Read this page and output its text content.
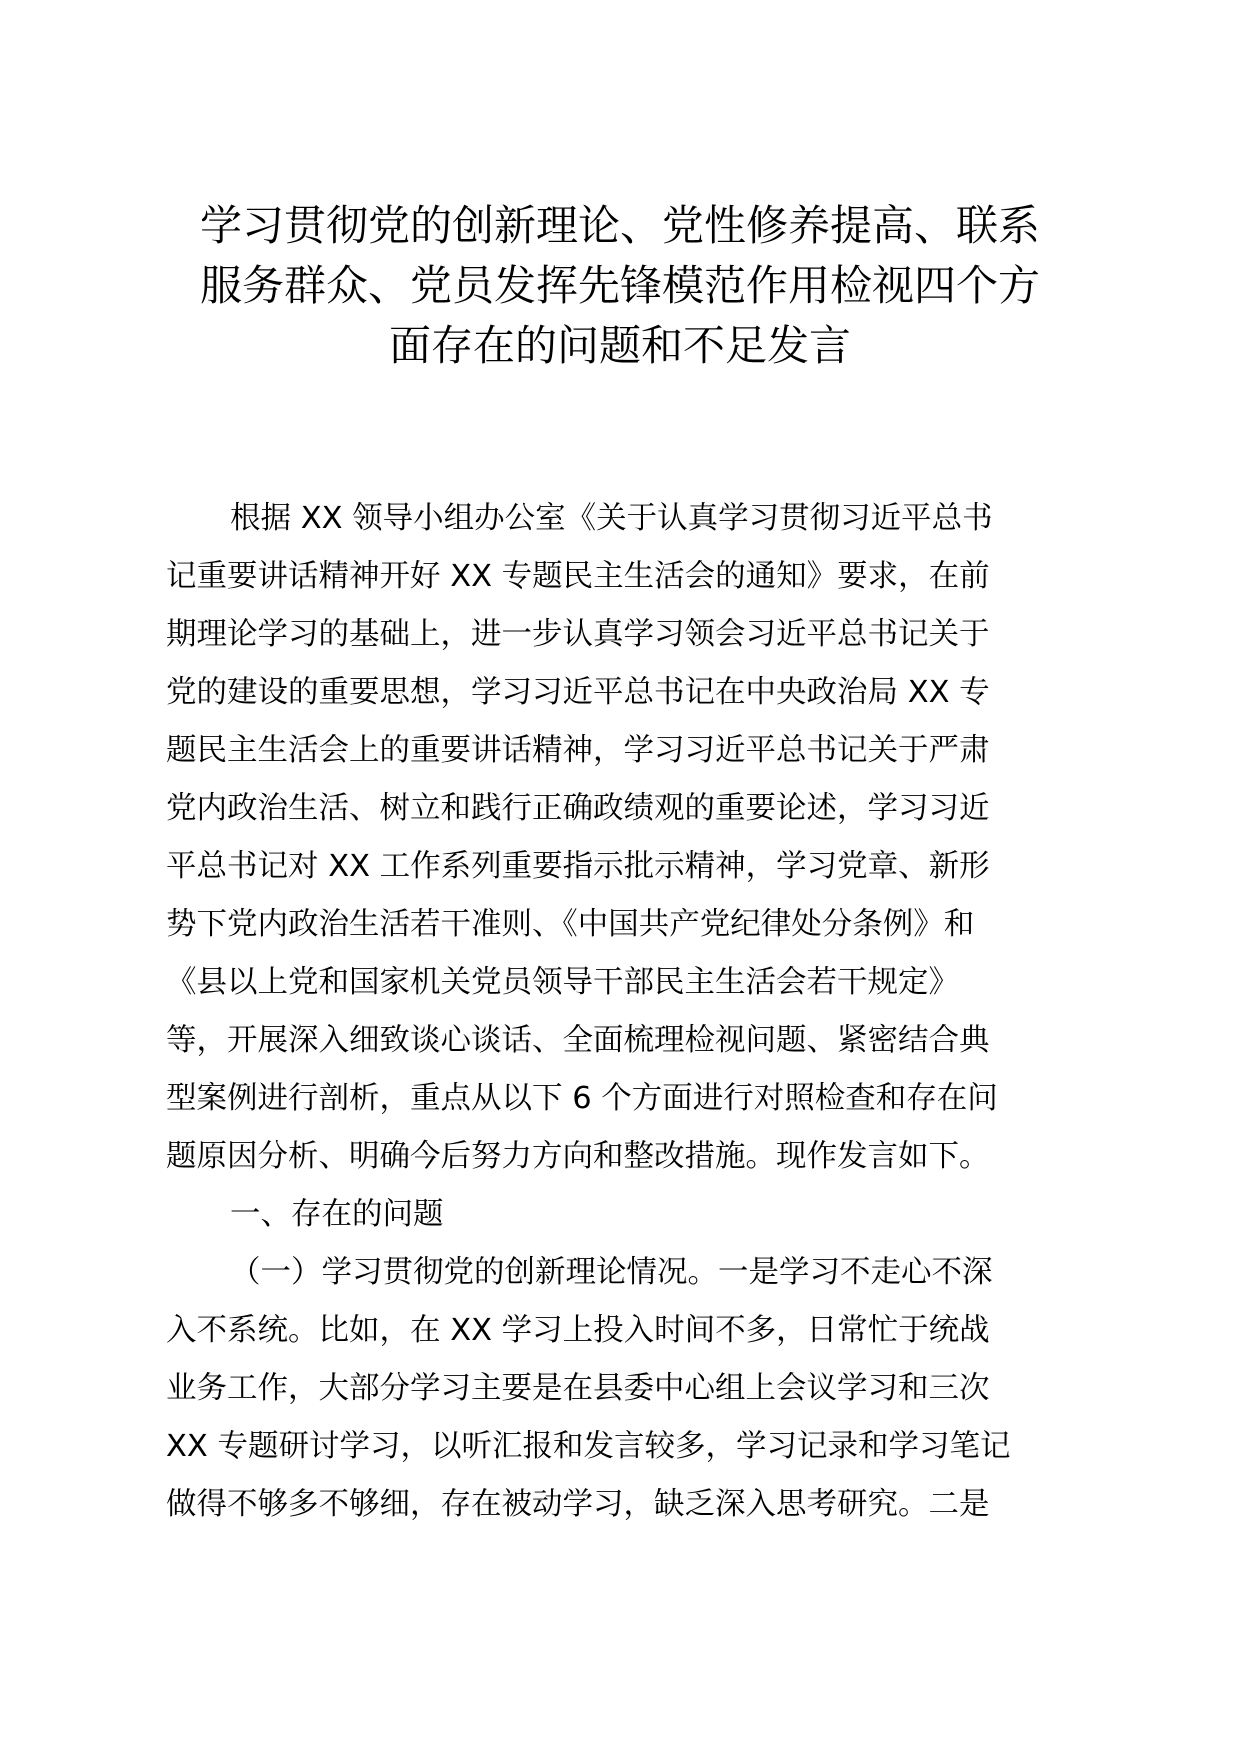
学习贯彻党的创新理论、党性修养提高、联系
服务群众、党员发挥先锋模范作用检视四个方
面存在的问题和不足发言
根据 XX 领导小组办公室《关于认真学习贯彻习近平总书
记重要讲话精神开好 XX 专题民主生活会的通知》要求，在前
期理论学习的基础上，进一步认真学习领会习近平总书记关于
党的建设的重要思想，学习习近平总书记在中央政治局 XX 专
题民主生活会上的重要讲话精神，学习习近平总书记关于严肃
党内政治生活、树立和践行正确政绩观的重要论述，学习习近
平总书记对 XX 工作系列重要指示批示精神，学习党章、新形
势下党内政治生活若干准则、《中国共产党纪律处分条例》和
《县以上党和国家机关党员领导干部民主生活会若干规定》
等，开展深入细致谈心谈话、全面梳理检视问题、紧密结合典
型案例进行剖析，重点从以下 6 个方面进行对照检查和存在问
题原因分析、明确今后努力方向和整改措施。现作发言如下。
一、存在的问题
（一）学习贯彻党的创新理论情况。一是学习不走心不深
入不系统。比如，在 XX 学习上投入时间不多，日常忙于统战
业务工作，大部分学习主要是在县委中心组上会议学习和三次
XX 专题研讨学习，以听汇报和发言较多，学习记录和学习笔记
做得不够多不够细，存在被动学习，缺乏深入思考研究。二是
